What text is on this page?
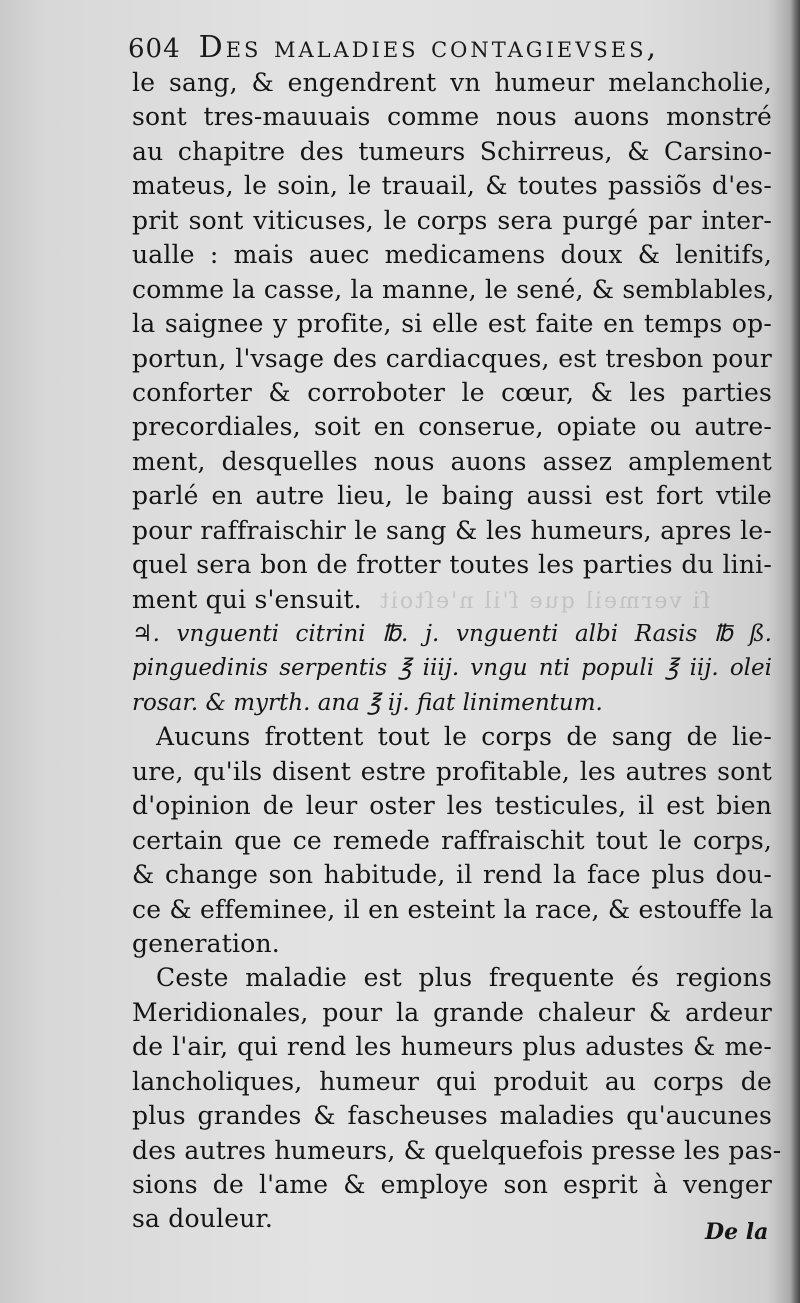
604 Des maladies contagievses,
le sang, & engendrent vn humeur melancholie,
sont tres-mauuais comme nous auons monstré
au chapitre des tumeurs Schirreus, & Carsino-
mateus, le soin, le trauail, & toutes passiõs d'es-
prit sont viticuses, le corps sera purgé par inter-
ualle : mais auec medicamens doux & lenitifs,
comme la casse, la manne, le sené, & semblables,
la saignee y profite, si elle est faite en temps op-
portun, l'vsage des cardiacques, est tresbon pour
conforter & corroboter le cœur, & les parties
precordiales, soit en conserue, opiate ou autre-
ment, desquelles nous auons assez amplement
parlé en autre lieu, le baing aussi est fort vtile
pour raffraischir le sang & les humeurs, apres le-
quel sera bon de frotter toutes les parties du lini-
ment qui s'ensuit. ſi vermeil que ſ'il n'eſtoit
♃. vnguenti citrini ℔. j. vnguenti albi Rasis ℔ ß.
pinguedinis serpentis ℥ iiij. vngu nti populi ℥ iij. olei
rosar. & myrth. ana ℥ ij. fiat linimentum.
Aucuns frottent tout le corps de sang de lie-
ure, qu'ils disent estre profitable, les autres sont
d'opinion de leur oster les testicules, il est bien
certain que ce remede raffraischit tout le corps,
& change son habitude, il rend la face plus dou-
ce & effeminee, il en esteint la race, & estouffe la
generation.
Ceste maladie est plus frequente és regions
Meridionales, pour la grande chaleur & ardeur
de l'air, qui rend les humeurs plus adustes & me-
lancholiques, humeur qui produit au corps de
plus grandes & fascheuses maladies qu'aucunes
des autres humeurs, & quelquefois presse les pas-
sions de l'ame & employe son esprit à venger
sa douleur.	De la
